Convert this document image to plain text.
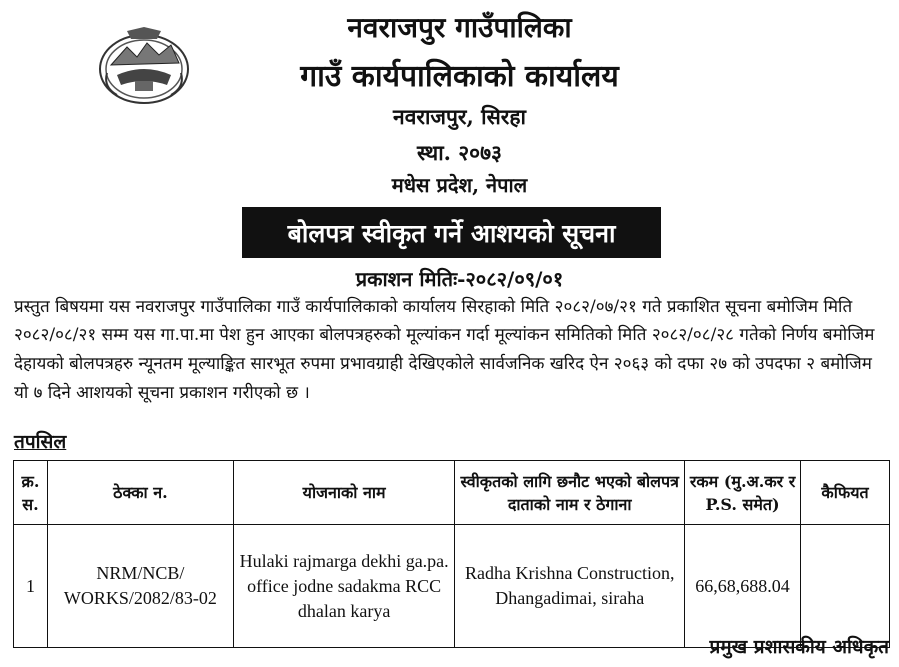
नवराजपुर गाउँपालिका
गाउँ कार्यपालिकाको कार्यालय
नवराजपुर, सिरहा
स्था. २०७३
मधेस प्रदेश, नेपाल
बोलपत्र स्वीकृत गर्ने आशयको सूचना
प्रकाशन मितिः-२०८२/०९/०१
प्रस्तुत बिषयमा यस नवराजपुर गाउँपालिका गाउँ कार्यपालिकाको कार्यालय सिरहाको मिति २०८२/०७/२१ गते प्रकाशित सूचना बमोजिम मिति
२०८२/०८/२१ सम्म यस गा.पा.मा पेश हुन आएका बोलपत्रहरुको मूल्यांकन गर्दा मूल्यांकन समितिको मिति २०८२/०८/२८ गतेको निर्णय बमोजिम
देहायको बोलपत्रहरु न्यूनतम मूल्याङ्कित सारभूत रुपमा प्रभावग्राही देखिएकोले सार्वजनिक खरिद ऐन २०६३ को दफा २७ को उपदफा २ बमोजिम
यो ७ दिने आशयको सूचना प्रकाशन गरीएको छ ।
तपसिल
क्र. स.	ठेक्का न.	योजनाको नाम	स्वीकृतको लागि छनौट भएको बोलपत्र दाताको नाम र ठेगाना	रकम (मु.अ.कर र P.S. समेत)	कैफियत
1	NRM/NCB/ WORKS/2082/83-02	Hulaki rajmarga dekhi ga.pa. office jodne sadakma RCC dhalan karya	Radha Krishna Construction, Dhangadimai, siraha	66,68,688.04	
प्रमुख प्रशासकीय अधिकृत
